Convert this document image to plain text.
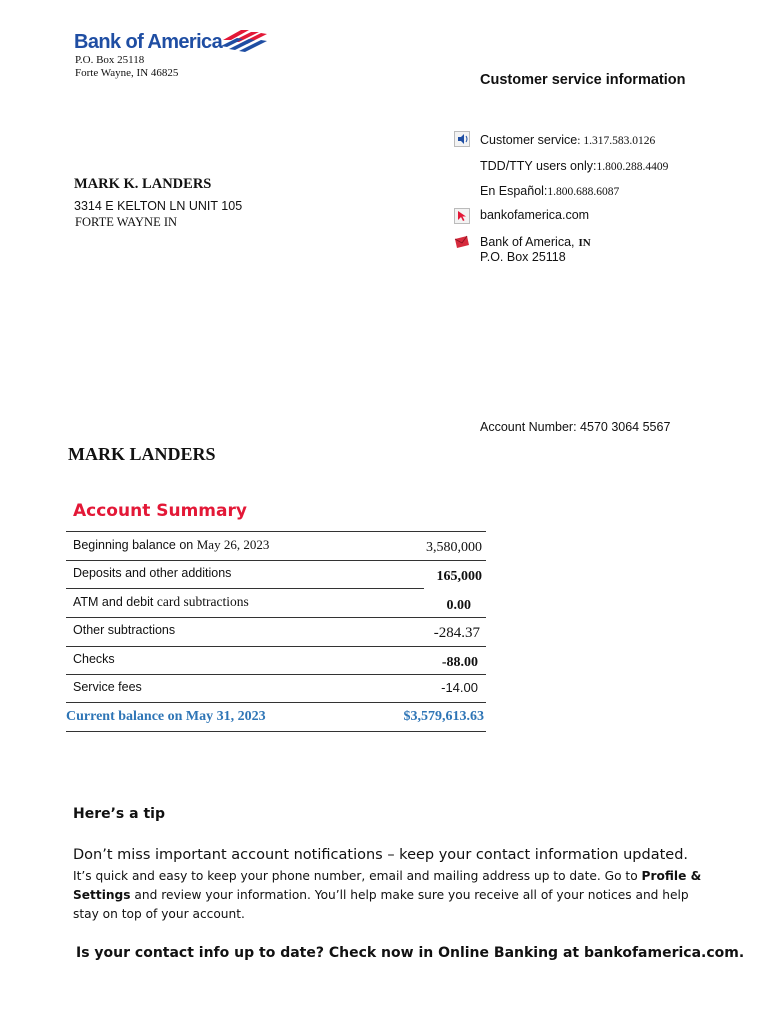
Bank of America
P.O. Box 25118
Forte Wayne, IN 46825	Customer service information
Customer service: 1.317.583.0126
TDD/TTY users only:1.800.288.4409
En Español:1.800.688.6087
bankofamerica.com
Bank of America, IN
P.O. Box 25118
MARK K. LANDERS
3314 E KELTON LN UNIT 105
FORTE WAYNE IN
Account Number: 4570 3064 5567
MARK LANDERS
Account Summary
Beginning balance on May 26, 2023	3,580,000
Deposits and other additions	165,000
ATM and debit card subtractions	0.00
Other subtractions	-284.37
Checks	-88.00
Service fees	-14.00
Current balance on May 31, 2023	$3,579,613.63
Here’s a tip
Don’t miss important account notifications – keep your contact information updated.
It’s quick and easy to keep your phone number, email and mailing address up to date. Go to Profile & Settings and review your information. You’ll help make sure you receive all of your notices and help stay on top of your account.
Is your contact info up to date? Check now in Online Banking at bankofamerica.com.
